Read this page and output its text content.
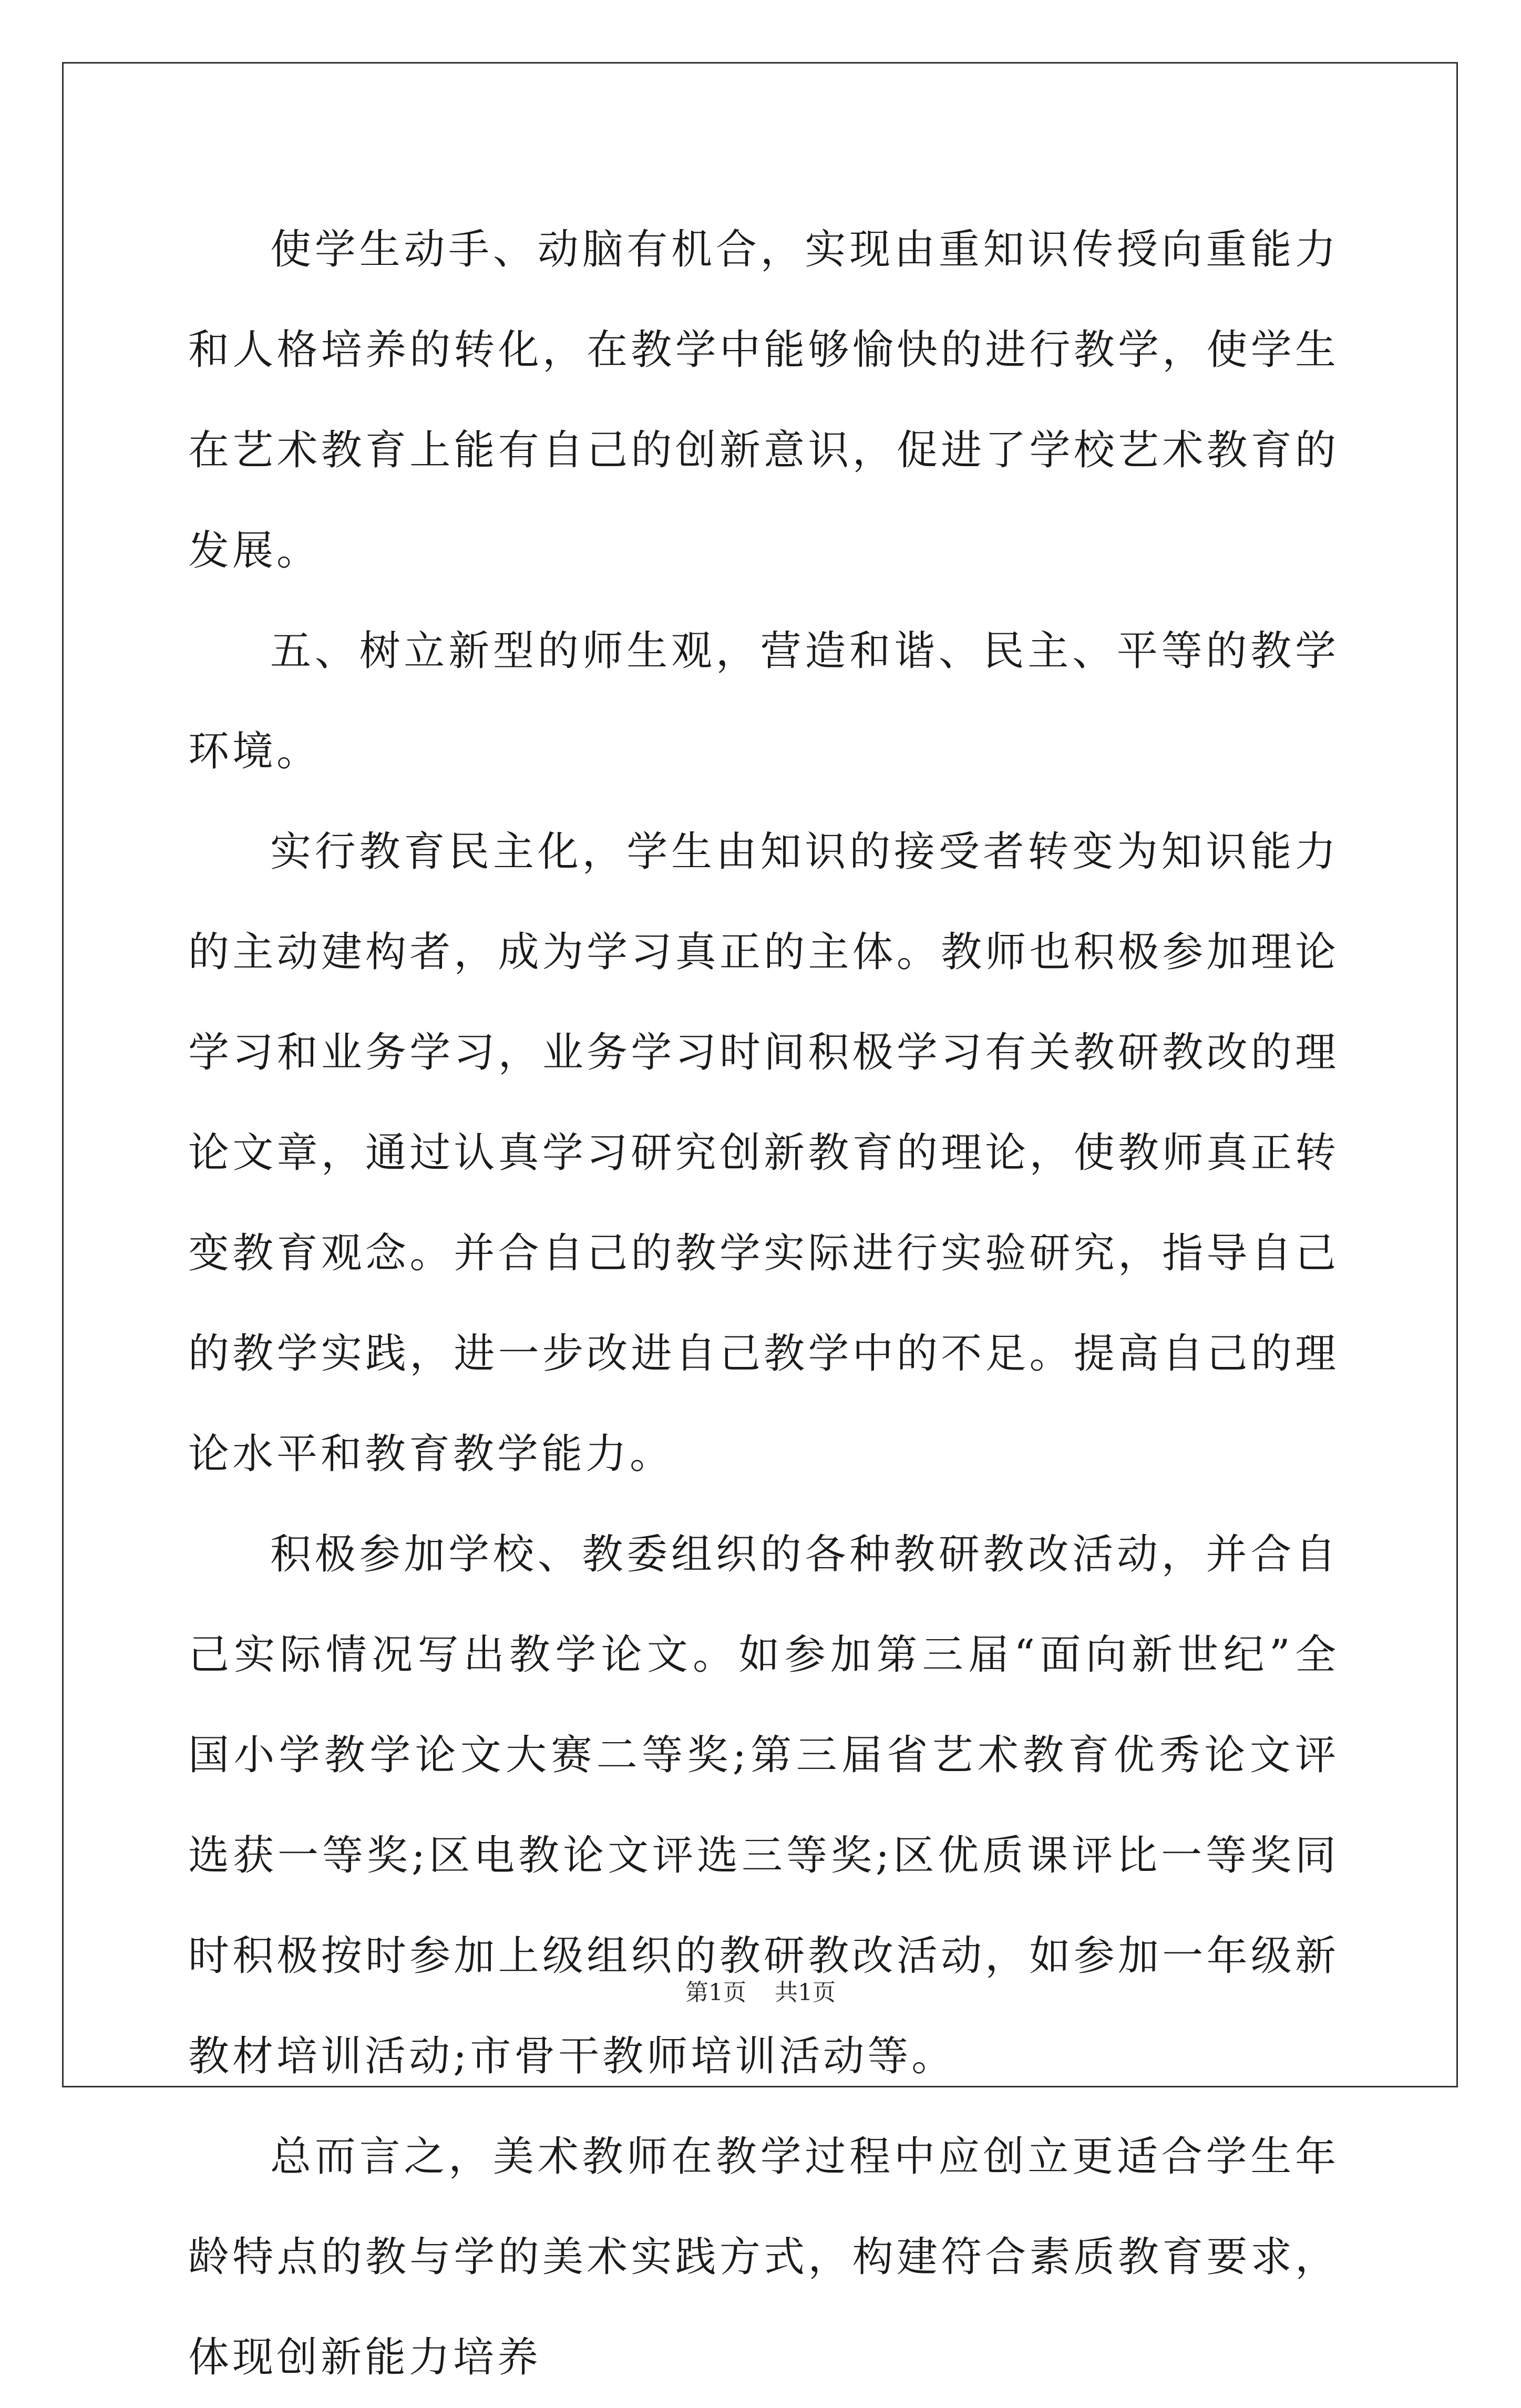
使学生动手、动脑有机合，实现由重知识传授向重能力和人格培养的转化，在教学中能够愉快的进行教学，使学生在艺术教育上能有自己的创新意识，促进了学校艺术教育的发展。

五、树立新型的师生观，营造和谐、民主、平等的教学环境。

实行教育民主化，学生由知识的接受者转变为知识能力的主动建构者，成为学习真正的主体。教师也积极参加理论学习和业务学习，业务学习时间积极学习有关教研教改的理论文章，通过认真学习研究创新教育的理论，使教师真正转变教育观念。并合自己的教学实际进行实验研究，指导自己的教学实践，进一步改进自己教学中的不足。提高自己的理论水平和教育教学能力。

积极参加学校、教委组织的各种教研教改活动，并合自己实际情况写出教学论文。如参加第三届“面向新世纪”全国小学教学论文大赛二等奖;第三届省艺术教育优秀论文评选获一等奖;区电教论文评选三等奖;区优质课评比一等奖同时积极按时参加上级组织的教研教改活动，如参加一年级新教材培训活动;市骨干教师培训活动等。

总而言之，美术教师在教学过程中应创立更适合学生年龄特点的教与学的美术实践方式，构建符合素质教育要求，体现创新能力培养

第1页 共1页
